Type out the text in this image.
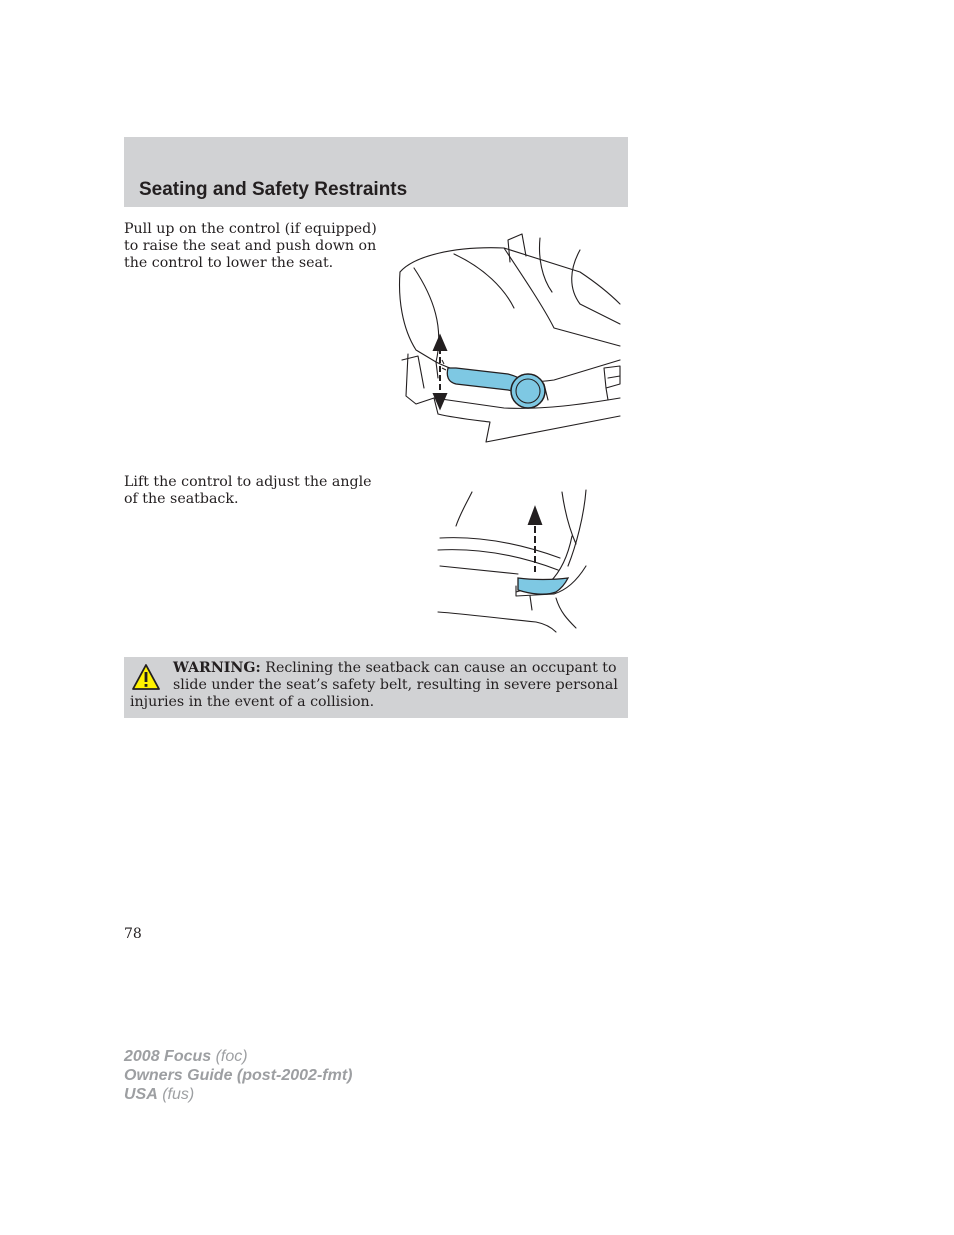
Seating and Safety Restraints

Pull up on the control (if equipped)
to raise the seat and push down on
the control to lower the seat.

Lift the control to adjust the angle
of the seatback.

WARNING: Reclining the seatback can cause an occupant to
slide under the seat’s safety belt, resulting in severe personal
injuries in the event of a collision.
78
2008 Focus (foc)
Owners Guide (post-2002-fmt)
USA (fus)
